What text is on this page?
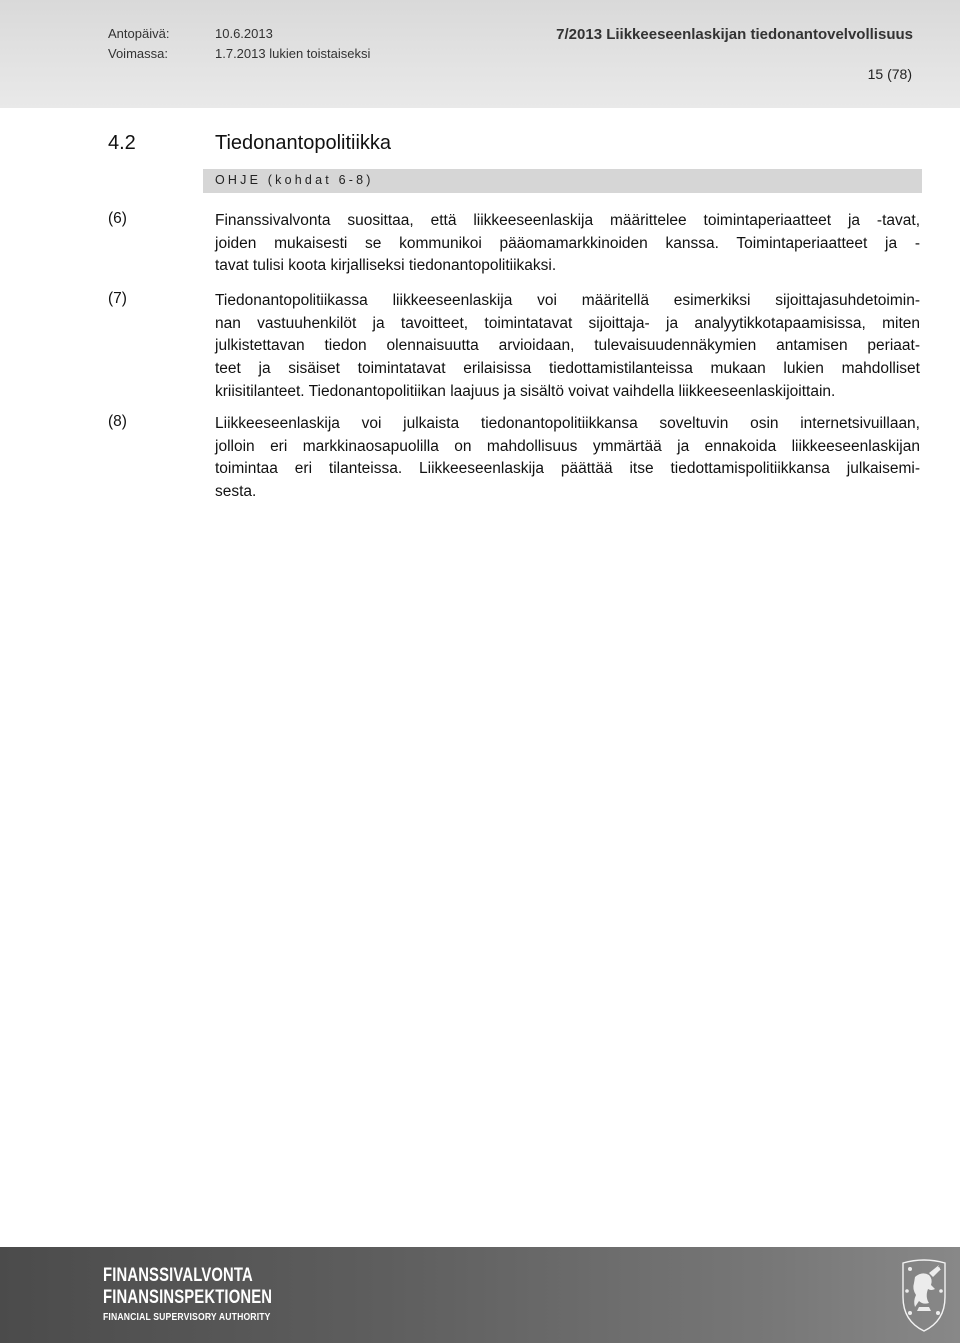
Antopäivä:	10.6.2013
Voimassa:	1.7.2013 lukien toistaiseksi
7/2013 Liikkeeseenlaskijan tiedonantovelvollisuus
15 (78)
4.2	Tiedonantopolitiikka
OHJE (kohdat 6-8)
(6)	Finanssivalvonta suosittaa, että liikkeeseenlaskija määrittelee toimintaperiaatteet ja -tavat,
joiden mukaisesti se kommunikoi pääomamarkkinoiden kanssa. Toimintaperiaatteet ja -
tavat tulisi koota kirjalliseksi tiedonantopolitiikaksi.
(7)	Tiedonantopolitiikassa liikkeeseenlaskija voi määritellä esimerkiksi sijoittajasuhdetoimin-
nan vastuuhenkilöt ja tavoitteet, toimintatavat sijoittaja- ja analyytikkotapaamisissa, miten
julkistettavan tiedon olennaisuutta arvioidaan, tulevaisuudennäkymien antamisen periaat-
teet ja sisäiset toimintatavat erilaisissa tiedottamistilanteissa mukaan lukien mahdolliset
kriisitilanteet. Tiedonantopolitiikan laajuus ja sisältö voivat vaihdella liikkeeseenlaskijoittain.
(8)	Liikkeeseenlaskija voi julkaista tiedonantopolitiikkansa soveltuvin osin internetsivuillaan,
jolloin eri markkinaosapuolilla on mahdollisuus ymmärtää ja ennakoida liikkeeseenlaskijan
toimintaa eri tilanteissa. Liikkeeseenlaskija päättää itse tiedottamispolitiikkansa julkaisemi-
sesta.
FINANSSIVALVONTA
FINANSINSPEKTIONEN
FINANCIAL SUPERVISORY AUTHORITY
